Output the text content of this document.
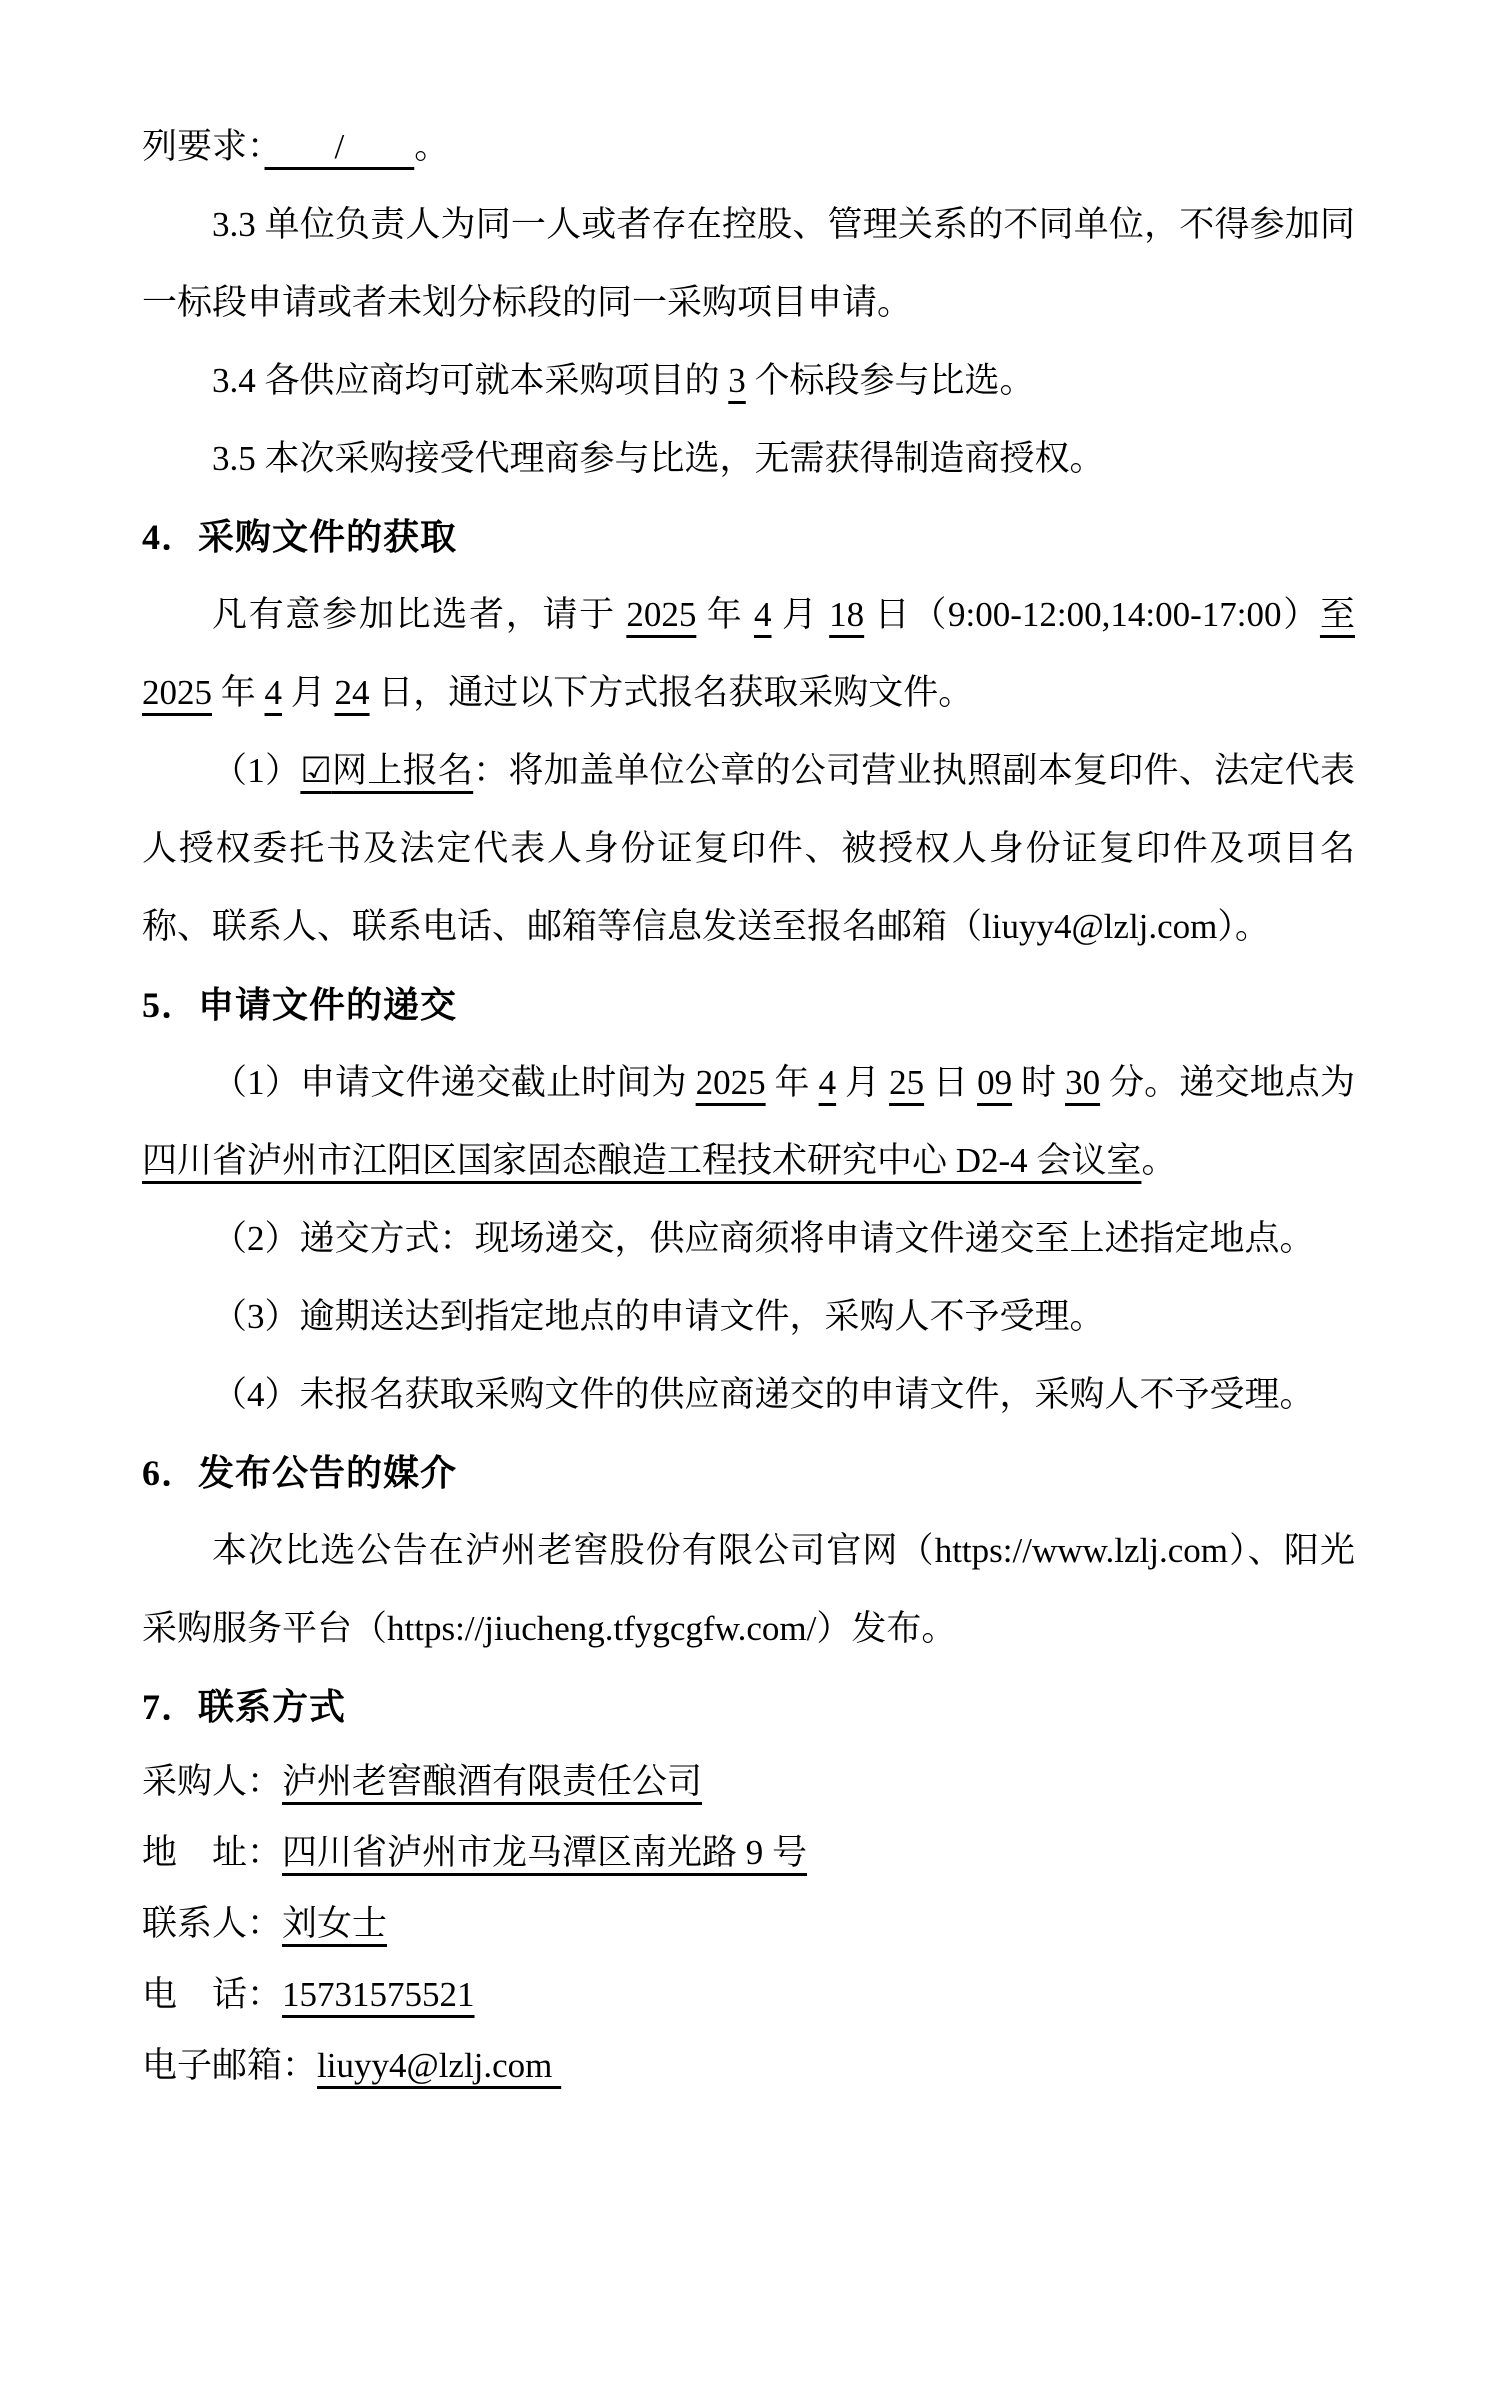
列要求：　　/　　。

3.3 单位负责人为同一人或者存在控股、管理关系的不同单位，不得参加同一标段申请或者未划分标段的同一采购项目申请。

3.4 各供应商均可就本采购项目的 3 个标段参与比选。

3.5 本次采购接受代理商参与比选，无需获得制造商授权。

4．采购文件的获取

凡有意参加比选者，请于 2025 年 4 月 18 日（9:00-12:00,14:00-17:00）至 2025 年 4 月 24 日，通过以下方式报名获取采购文件。

（1）☑网上报名：将加盖单位公章的公司营业执照副本复印件、法定代表人授权委托书及法定代表人身份证复印件、被授权人身份证复印件及项目名称、联系人、联系电话、邮箱等信息发送至报名邮箱（liuyy4@lzlj.com）。

5．申请文件的递交

（1）申请文件递交截止时间为 2025 年 4 月 25 日 09 时 30 分。递交地点为四川省泸州市江阳区国家固态酿造工程技术研究中心 D2-4 会议室。

（2）递交方式：现场递交，供应商须将申请文件递交至上述指定地点。

（3）逾期送达到指定地点的申请文件，采购人不予受理。

（4）未报名获取采购文件的供应商递交的申请文件，采购人不予受理。

6．发布公告的媒介

本次比选公告在泸州老窖股份有限公司官网（https://www.lzlj.com）、阳光采购服务平台（https://jiucheng.tfygcgfw.com/）发布。

7．联系方式

采购人：泸州老窖酿酒有限责任公司

地　址：四川省泸州市龙马潭区南光路 9 号

联系人：刘女士

电　话：15731575521

电子邮箱：liuyy4@lzlj.com
